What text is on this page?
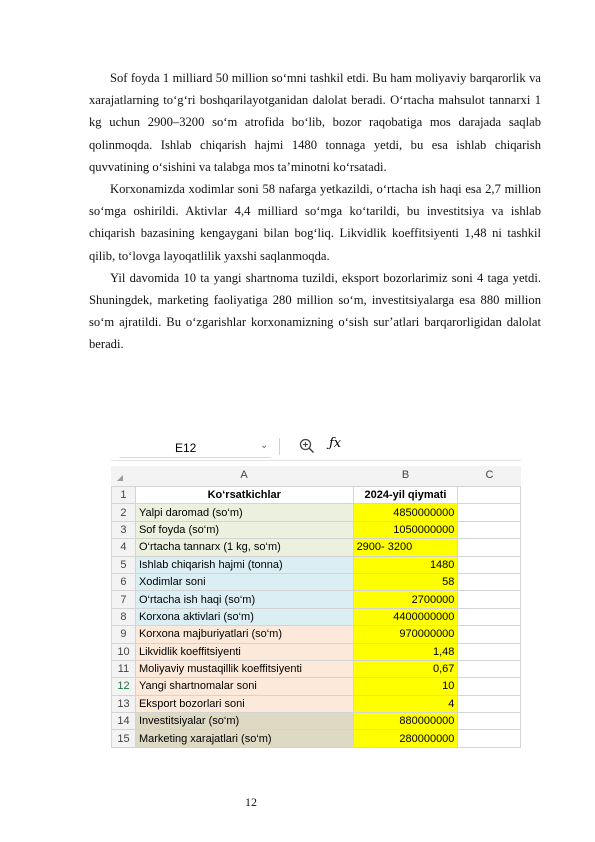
Sof foyda 1 milliard 50 million so‘mni tashkil etdi. Bu ham moliyaviy barqarorlik va xarajatlarning to‘g‘ri boshqarilayotganidan dalolat beradi. O‘rtacha mahsulot tannarxi 1 kg uchun 2900–3200 so‘m atrofida bo‘lib, bozor raqobatiga mos darajada saqlab qolinmoqda. Ishlab chiqarish hajmi 1480 tonnaga yetdi, bu esa ishlab chiqarish quvvatining o‘sishini va talabga mos ta’minotni ko‘rsatadi.

Korxonamizda xodimlar soni 58 nafarga yetkazildi, o‘rtacha ish haqi esa 2,7 million so‘mga oshirildi. Aktivlar 4,4 milliard so‘mga ko‘tarildi, bu investitsiya va ishlab chiqarish bazasining kengaygani bilan bog‘liq. Likvidlik koeffitsiyenti 1,48 ni tashkil qilib, to‘lovga layoqatlilik yaxshi saqlanmoqda.

Yil davomida 10 ta yangi shartnoma tuzildi, eksport bozorlarimiz soni 4 taga yetdi. Shuningdek, marketing faoliyatiga 280 million so‘m, investitsiyalarga esa 880 million so‘m ajratildi. Bu o‘zgarishlar korxonamizning o‘sish sur’atlari barqarorligidan dalolat beradi.

E12	⌄	ƒx
A	B	C
1	Ko‘rsatkichlar	2024-yil qiymati	
2	Yalpi daromad (so‘m)	4850000000	
3	Sof foyda (so‘m)	1050000000	
4	O‘rtacha tannarx (1 kg, so‘m)	2900- 3200	
5	Ishlab chiqarish hajmi (tonna)	1480	
6	Xodimlar soni	58	
7	O‘rtacha ish haqi (so‘m)	2700000	
8	Korxona aktivlari (so‘m)	4400000000	
9	Korxona majburiyatlari (so‘m)	970000000	
10	Likvidlik koeffitsiyenti	1,48	
11	Moliyaviy mustaqillik koeffitsiyenti	0,67	
12	Yangi shartnomalar soni	10	
13	Eksport bozorlari soni	4	
14	Investitsiyalar (so‘m)	880000000	
15	Marketing xarajatlari (so‘m)	280000000	
12
